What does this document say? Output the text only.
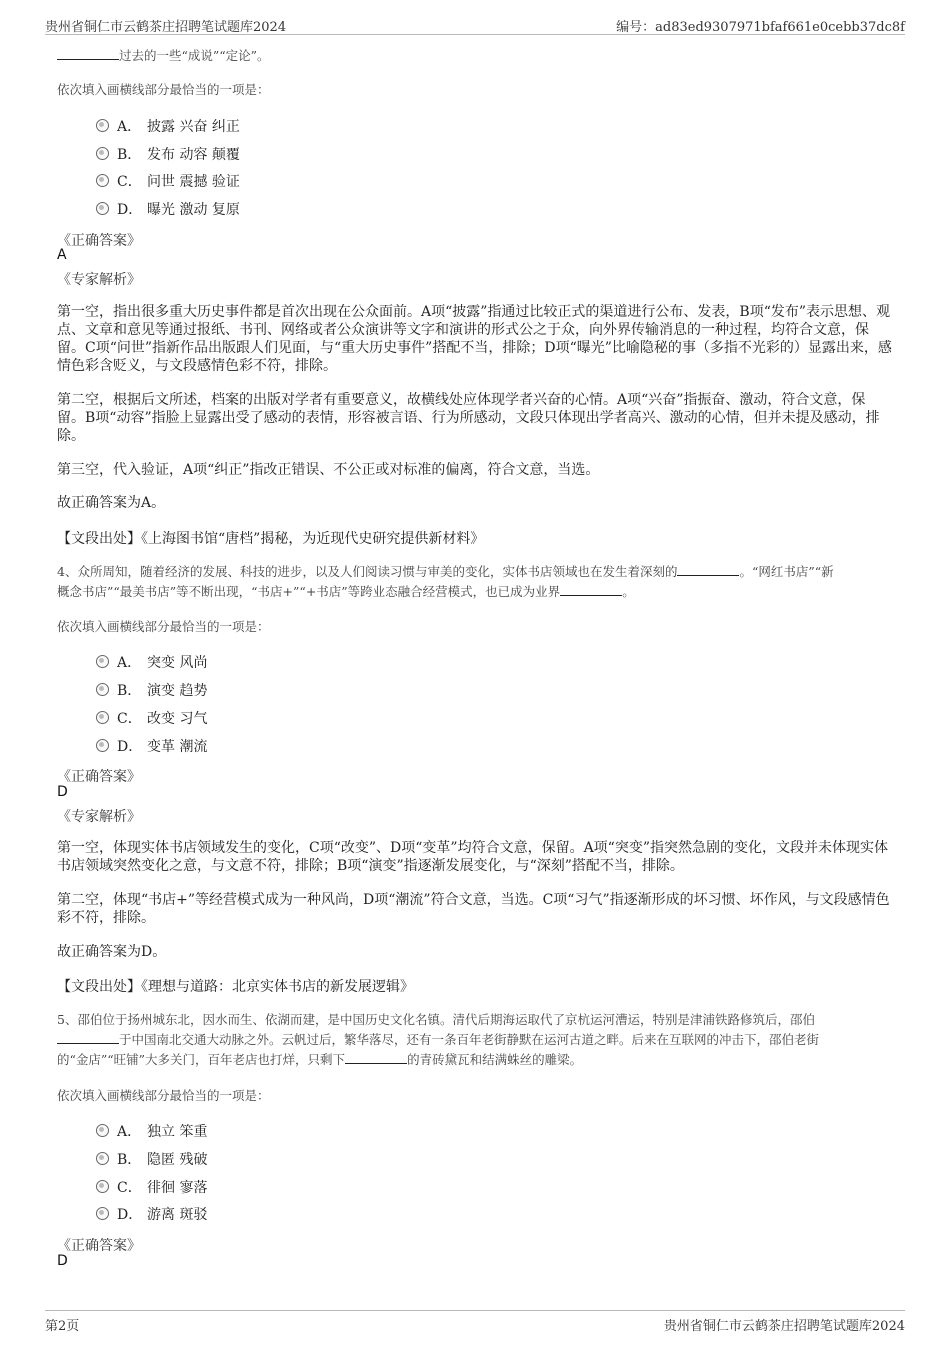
贵州省铜仁市云鹤茶庄招聘笔试题库2024	编号：ad83ed9307971bfaf661e0cebb37dc8f
过去的一些“成说”“定论”。
依次填入画横线部分最恰当的一项是：
A． 披露 兴奋 纠正
B． 发布 动容 颠覆
C． 问世 震撼 验证
D． 曝光 激动 复原
《正确答案》
A
《专家解析》
第一空，指出很多重大历史事件都是首次出现在公众面前。A项“披露”指通过比较正式的渠道进行公布、发表，B项“发布”表示思想、观点、文章和意见等通过报纸、书刊、网络或者公众演讲等文字和演讲的形式公之于众，向外界传输消息的一种过程，均符合文意，保留。C项“问世”指新作品出版跟人们见面，与“重大历史事件”搭配不当，排除；D项“曝光”比喻隐秘的事（多指不光彩的）显露出来，感情色彩含贬义，与文段感情色彩不符，排除。
第二空，根据后文所述，档案的出版对学者有重要意义，故横线处应体现学者兴奋的心情。A项“兴奋”指振奋、激动，符合文意，保留。B项“动容”指脸上显露出受了感动的表情，形容被言语、行为所感动，文段只体现出学者高兴、激动的心情，但并未提及感动，排除。
第三空，代入验证，A项“纠正”指改正错误、不公正或对标准的偏离，符合文意，当选。
故正确答案为A。
【文段出处】《上海图书馆“唐档”揭秘，为近现代史研究提供新材料》
4、众所周知，随着经济的发展、科技的进步，以及人们阅读习惯与审美的变化，实体书店领域也在发生着深刻的	。“网红书店”“新
概念书店”“最美书店”等不断出现，“书店+”“+书店”等跨业态融合经营模式，也已成为业界	。
依次填入画横线部分最恰当的一项是：
A． 突变 风尚
B． 演变 趋势
C． 改变 习气
D． 变革 潮流
《正确答案》
D
《专家解析》
第一空，体现实体书店领域发生的变化，C项“改变”、D项“变革”均符合文意，保留。A项“突变”指突然急剧的变化，文段并未体现实体书店领域突然变化之意，与文意不符，排除；B项“演变”指逐渐发展变化，与“深刻”搭配不当，排除。
第二空，体现“书店+”等经营模式成为一种风尚，D项“潮流”符合文意，当选。C项“习气”指逐渐形成的坏习惯、坏作风，与文段感情色彩不符，排除。
故正确答案为D。
【文段出处】《理想与道路：北京实体书店的新发展逻辑》
5、邵伯位于扬州城东北，因水而生、依湖而建，是中国历史文化名镇。清代后期海运取代了京杭运河漕运，特别是津浦铁路修筑后，邵伯
于中国南北交通大动脉之外。云帆过后，繁华落尽，还有一条百年老街静默在运河古道之畔。后来在互联网的冲击下，邵伯老街
的“金店”“旺铺”大多关门，百年老店也打烊，只剩下	的青砖黛瓦和结满蛛丝的雕梁。
依次填入画横线部分最恰当的一项是：
A． 独立 笨重
B． 隐匿 残破
C． 徘徊 寥落
D． 游离 斑驳
《正确答案》
D
第2页	贵州省铜仁市云鹤茶庄招聘笔试题库2024
